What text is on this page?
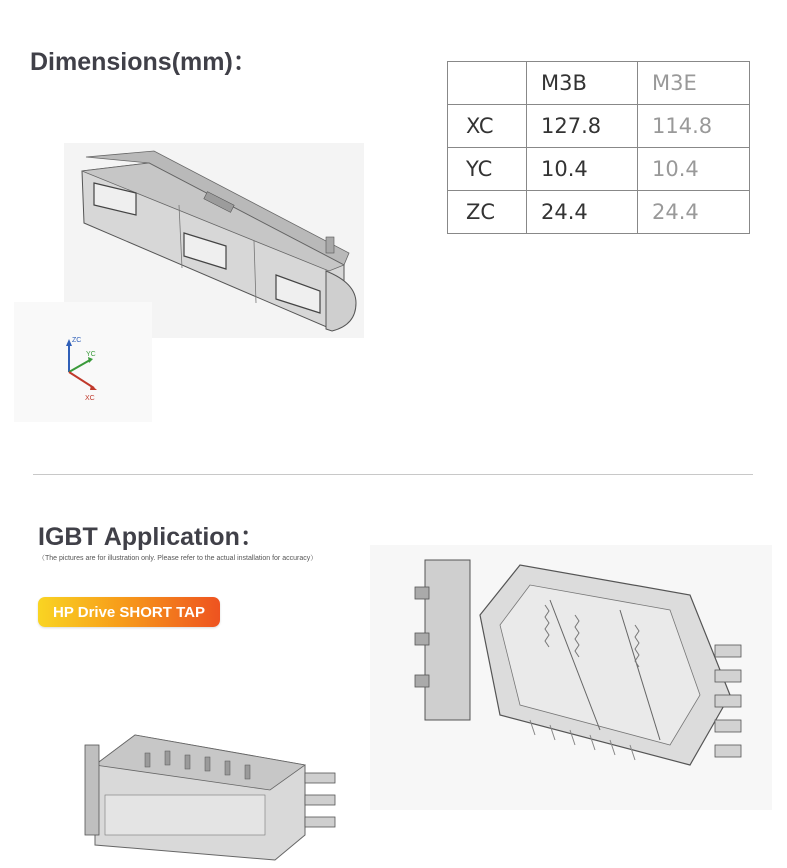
Dimensions(mm)：
ZC
YC
XC
	M3B	M3E
XC	127.8	114.8
YC	10.4	10.4
ZC	24.4	24.4
IGBT Application：
（The pictures are for illustration only. Please refer to the actual installation for accuracy）
HP Drive SHORT TAP
